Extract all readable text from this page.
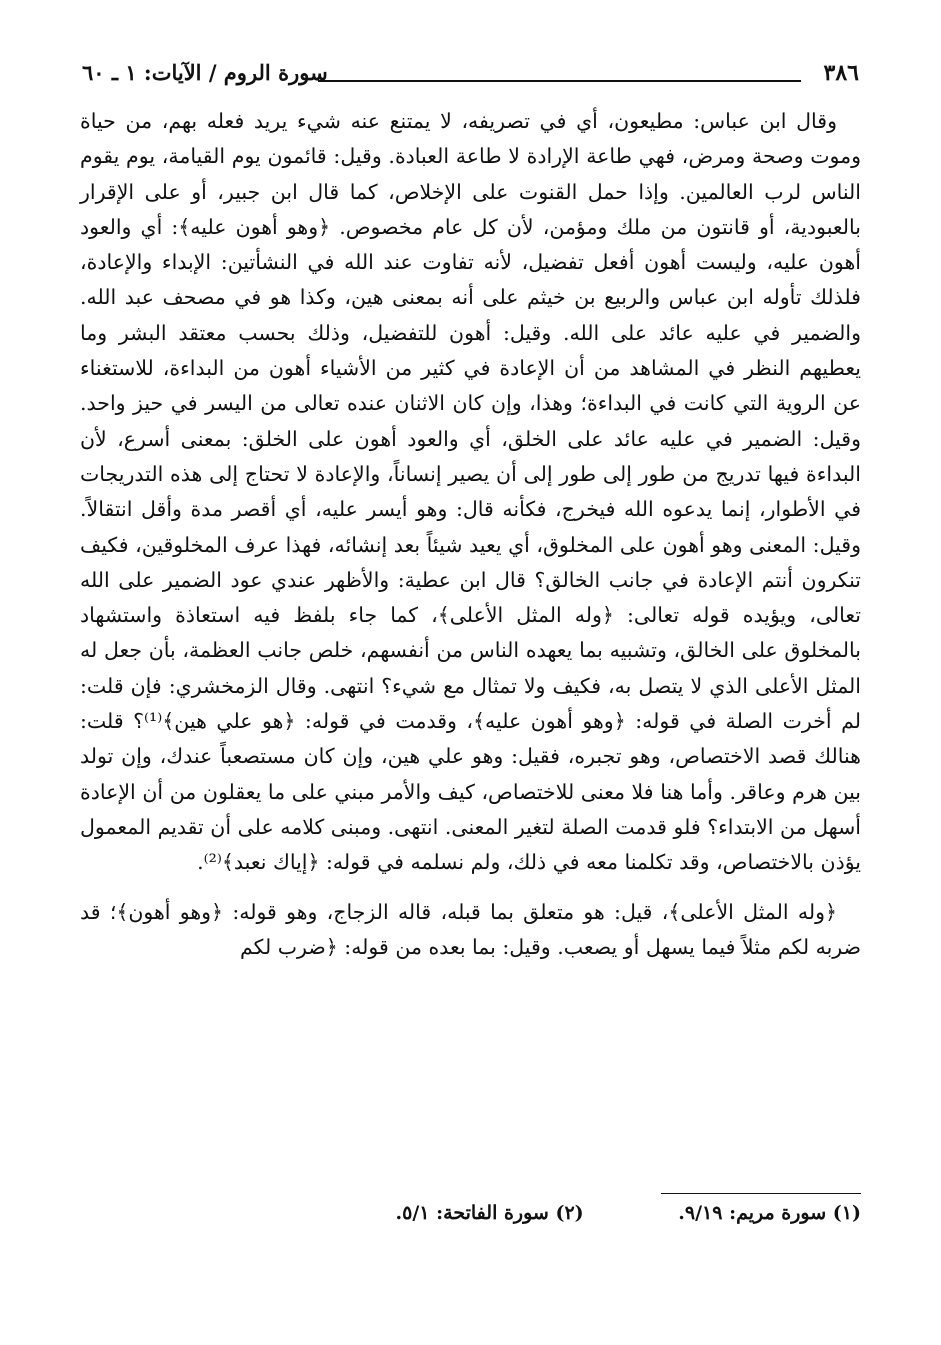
٣٨٦
سورة الروم / الآيات: ١ ـ ٦٠

وقال ابن عباس: مطيعون، أي في تصريفه، لا يمتنع عنه شيء يريد فعله بهم، من حياة وموت وصحة ومرض، فهي طاعة الإرادة لا طاعة العبادة. وقيل: قائمون يوم القيامة، يوم يقوم الناس لرب العالمين. وإذا حمل القنوت على الإخلاص، كما قال ابن جبير، أو على الإقرار بالعبودية، أو قانتون من ملك ومؤمن، لأن كل عام مخصوص. ﴿وهو أهون عليه﴾: أي والعود أهون عليه، وليست أهون أفعل تفضيل، لأنه تفاوت عند الله في النشأتين: الإبداء والإعادة، فلذلك تأوله ابن عباس والربيع بن خيثم على أنه بمعنى هين، وكذا هو في مصحف عبد الله. والضمير في عليه عائد على الله. وقيل: أهون للتفضيل، وذلك بحسب معتقد البشر وما يعطيهم النظر في المشاهد من أن الإعادة في كثير من الأشياء أهون من البداءة، للاستغناء عن الروية التي كانت في البداءة؛ وهذا، وإن كان الاثنان عنده تعالى من اليسر في حيز واحد. وقيل: الضمير في عليه عائد على الخلق، أي والعود أهون على الخلق: بمعنى أسرع، لأن البداءة فيها تدريج من طور إلى طور إلى أن يصير إنساناً، والإعادة لا تحتاج إلى هذه التدريجات في الأطوار، إنما يدعوه الله فيخرج، فكأنه قال: وهو أيسر عليه، أي أقصر مدة وأقل انتقالاً. وقيل: المعنى وهو أهون على المخلوق، أي يعيد شيئاً بعد إنشائه، فهذا عرف المخلوقين، فكيف تنكرون أنتم الإعادة في جانب الخالق؟ قال ابن عطية: والأظهر عندي عود الضمير على الله تعالى، ويؤيده قوله تعالى: ﴿وله المثل الأعلى﴾، كما جاء بلفظ فيه استعاذة واستشهاد بالمخلوق على الخالق، وتشبيه بما يعهده الناس من أنفسهم، خلص جانب العظمة، بأن جعل له المثل الأعلى الذي لا يتصل به، فكيف ولا تمثال مع شيء؟ انتهى. وقال الزمخشري: فإن قلت: لم أخرت الصلة في قوله: ﴿وهو أهون عليه﴾، وقدمت في قوله: ﴿هو علي هين﴾⁽¹⁾؟ قلت: هنالك قصد الاختصاص، وهو تجبره، فقيل: وهو علي هين، وإن كان مستصعباً عندك، وإن تولد بين هرم وعاقر. وأما هنا فلا معنى للاختصاص، كيف والأمر مبني على ما يعقلون من أن الإعادة أسهل من الابتداء؟ فلو قدمت الصلة لتغير المعنى. انتهى. ومبنى كلامه على أن تقديم المعمول يؤذن بالاختصاص، وقد تكلمنا معه في ذلك، ولم نسلمه في قوله: ﴿إياك نعبد﴾⁽²⁾.

﴿وله المثل الأعلى﴾، قيل: هو متعلق بما قبله، قاله الزجاج، وهو قوله: ﴿وهو أهون﴾؛ قد ضربه لكم مثلاً فيما يسهل أو يصعب. وقيل: بما بعده من قوله: ﴿ضرب لكم

(١) سورة مريم: ٩/١٩. (٢) سورة الفاتحة: ٥/١.
